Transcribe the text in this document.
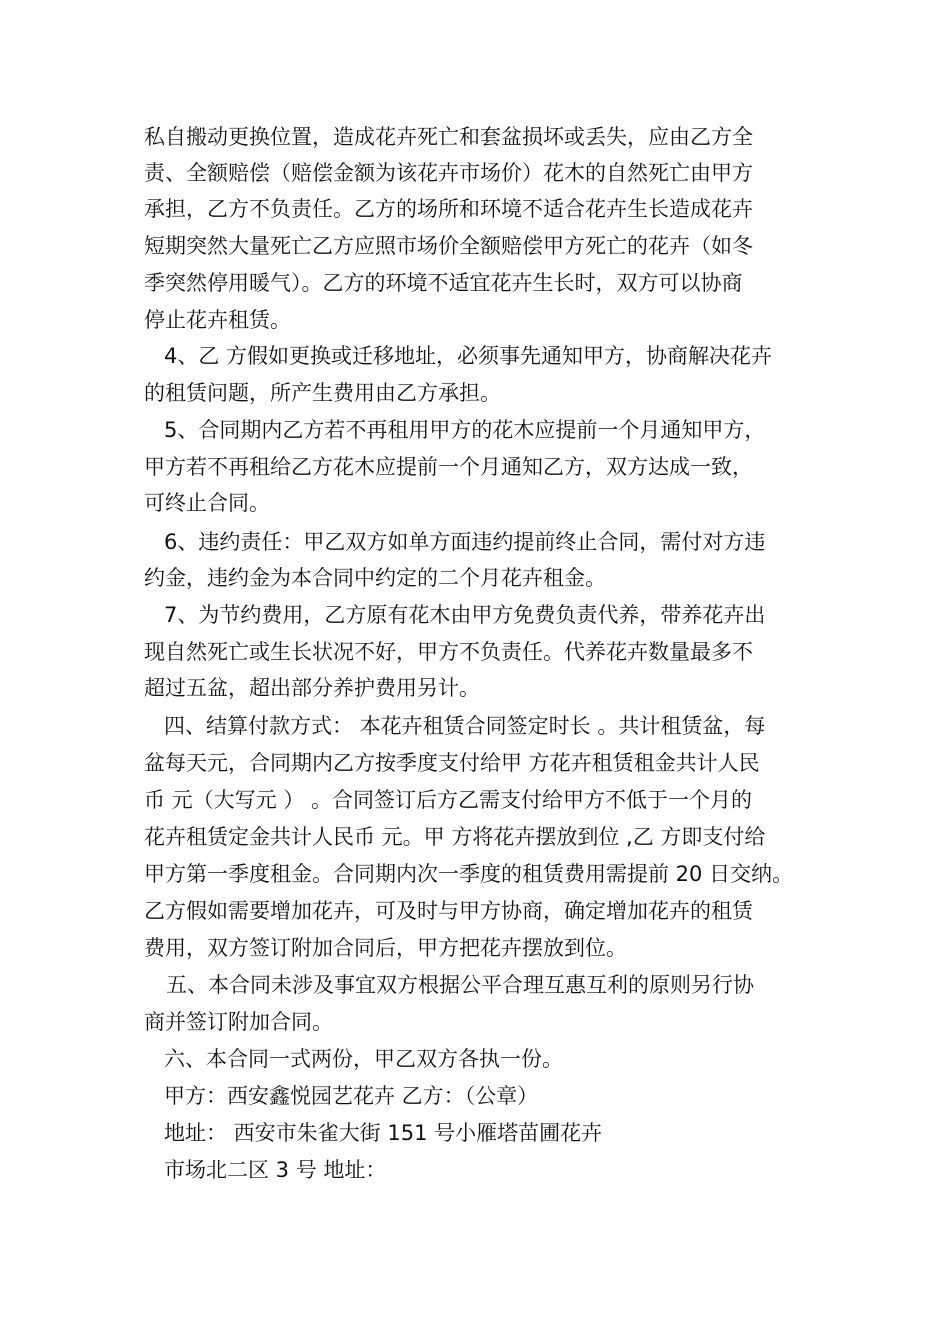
私自搬动更换位置，造成花卉死亡和套盆损坏或丢失，应由乙方全
责、全额赔偿（赔偿金额为该花卉市场价）花木的自然死亡由甲方
承担，乙方不负责任。乙方的场所和环境不适合花卉生长造成花卉
短期突然大量死亡乙方应照市场价全额赔偿甲方死亡的花卉（如冬
季突然停用暖气）。乙方的环境不适宜花卉生长时，双方可以协商
停止花卉租赁。
4、乙 方假如更换或迁移地址，必须事先通知甲方，协商解决花卉
的租赁问题，所产生费用由乙方承担。
5、合同期内乙方若不再租用甲方的花木应提前一个月通知甲方，
甲方若不再租给乙方花木应提前一个月通知乙方，双方达成一致，
可终止合同。
6、违约责任：甲乙双方如单方面违约提前终止合同，需付对方违
约金，违约金为本合同中约定的二个月花卉租金。
7、为节约费用，乙方原有花木由甲方免费负责代养，带养花卉出
现自然死亡或生长状况不好，甲方不负责任。代养花卉数量最多不
超过五盆，超出部分养护费用另计。
四、结算付款方式： 本花卉租赁合同签定时长 。共计租赁盆，每
盆每天元，合同期内乙方按季度支付给甲 方花卉租赁租金共计人民
币 元（大写元 ） 。合同签订后方乙需支付给甲方不低于一个月的
花卉租赁定金共计人民币 元。甲 方将花卉摆放到位 ,乙 方即支付给
甲方第一季度租金。合同期内次一季度的租赁费用需提前 20 日交纳。
乙方假如需要增加花卉，可及时与甲方协商，确定增加花卉的租赁
费用，双方签订附加合同后，甲方把花卉摆放到位。
五、本合同未涉及事宜双方根据公平合理互惠互利的原则另行协
商并签订附加合同。
六、本合同一式两份，甲乙双方各执一份。
甲方：西安鑫悦园艺花卉 乙方：（公章）
地址： 西安市朱雀大街 151 号小雁塔苗圃花卉
市场北二区 3 号 地址：
